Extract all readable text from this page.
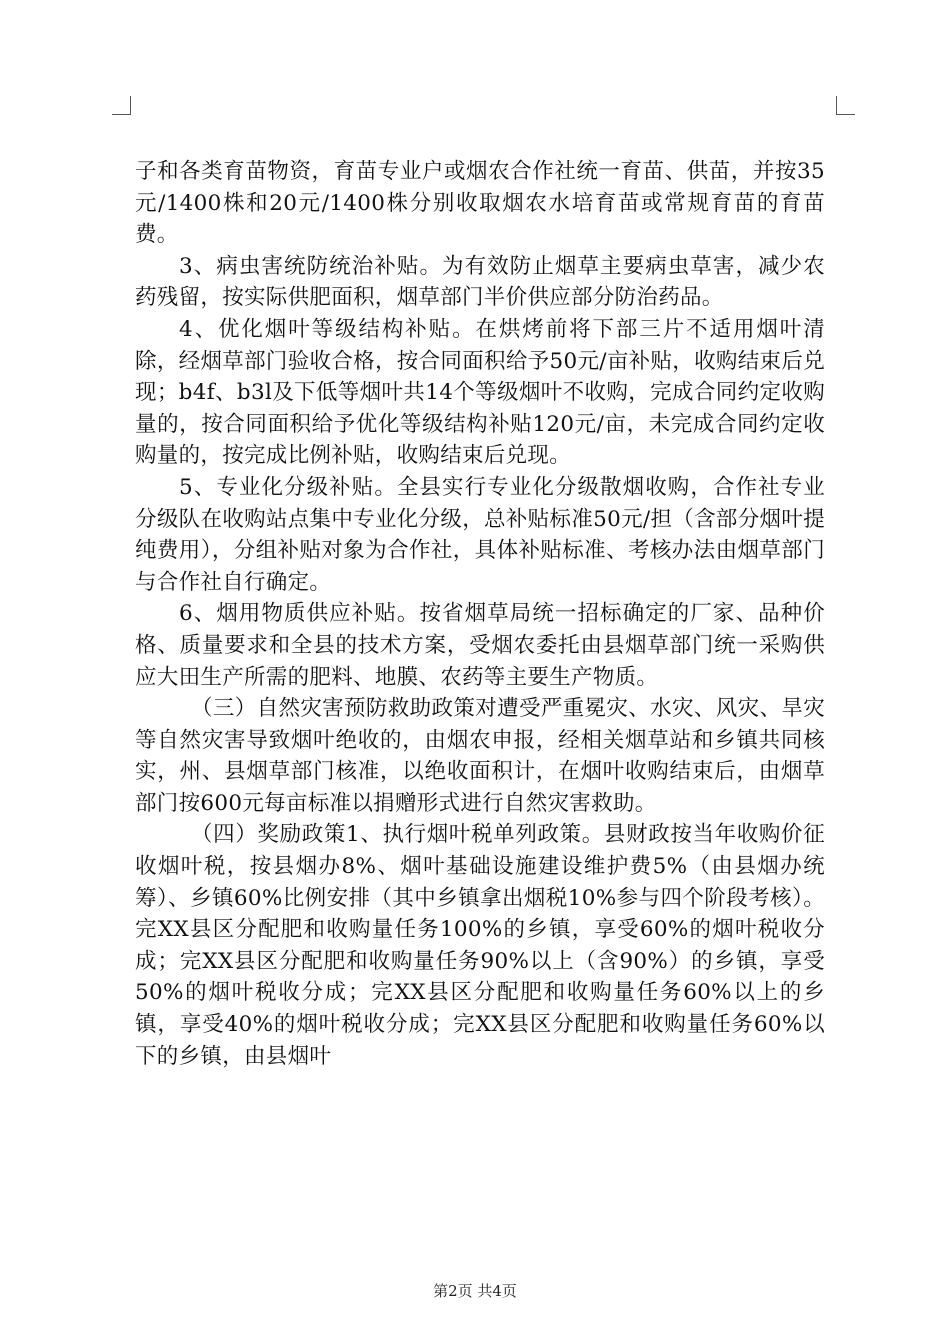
子和各类育苗物资，育苗专业户或烟农合作社统一育苗、供苗，并按35元/1400株和20元/1400株分别收取烟农水培育苗或常规育苗的育苗费。

3、病虫害统防统治补贴。为有效防止烟草主要病虫草害，减少农药残留，按实际供肥面积，烟草部门半价供应部分防治药品。

4、优化烟叶等级结构补贴。在烘烤前将下部三片不适用烟叶清除，经烟草部门验收合格，按合同面积给予50元/亩补贴，收购结束后兑现；b4f、b3l及下低等烟叶共14个等级烟叶不收购，完成合同约定收购量的，按合同面积给予优化等级结构补贴120元/亩，未完成合同约定收购量的，按完成比例补贴，收购结束后兑现。

5、专业化分级补贴。全县实行专业化分级散烟收购，合作社专业分级队在收购站点集中专业化分级，总补贴标准50元/担（含部分烟叶提纯费用），分组补贴对象为合作社，具体补贴标准、考核办法由烟草部门与合作社自行确定。

6、烟用物质供应补贴。按省烟草局统一招标确定的厂家、品种价格、质量要求和全县的技术方案，受烟农委托由县烟草部门统一采购供应大田生产所需的肥料、地膜、农药等主要生产物质。

（三）自然灾害预防救助政策对遭受严重冕灾、水灾、风灾、旱灾等自然灾害导致烟叶绝收的，由烟农申报，经相关烟草站和乡镇共同核实，州、县烟草部门核准，以绝收面积计，在烟叶收购结束后，由烟草部门按600元每亩标准以捐赠形式进行自然灾害救助。

（四）奖励政策1、执行烟叶税单列政策。县财政按当年收购价征收烟叶税，按县烟办8%、烟叶基础设施建设维护费5%（由县烟办统筹）、乡镇60%比例安排（其中乡镇拿出烟税10%参与四个阶段考核）。完XX县区分配肥和收购量任务100%的乡镇，享受60%的烟叶税收分成；完XX县区分配肥和收购量任务90%以上（含90%）的乡镇，享受50%的烟叶税收分成；完XX县区分配肥和收购量任务60%以上的乡镇，享受40%的烟叶税收分成；完XX县区分配肥和收购量任务60%以下的乡镇，由县烟叶

第2页 共4页
